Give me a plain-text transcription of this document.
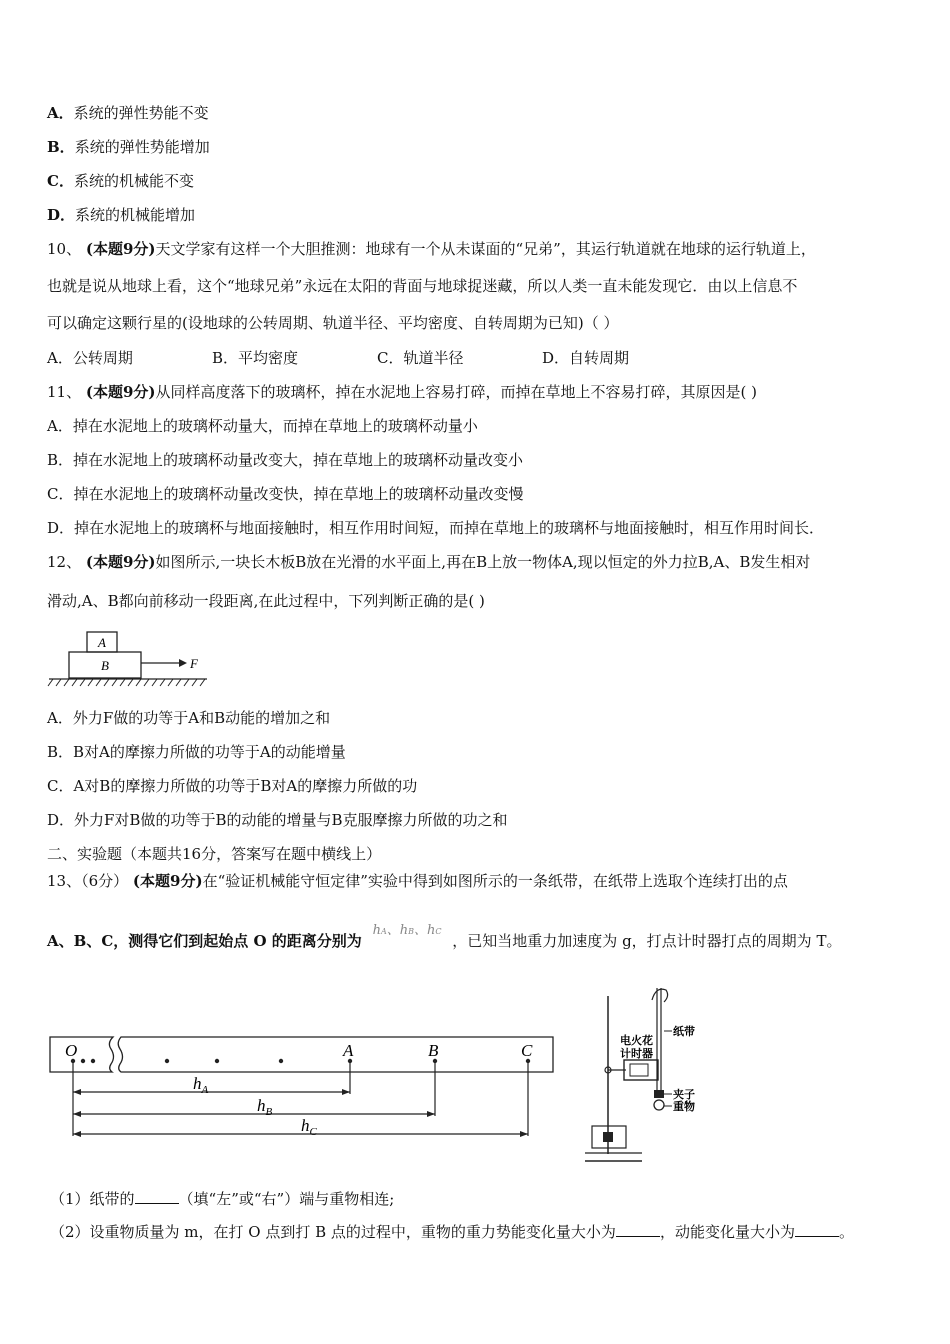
A．系统的弹性势能不变
B．系统的弹性势能增加
C．系统的机械能不变
D．系统的机械能增加
10、 (本题9分)天文学家有这样一个大胆推测：地球有一个从未谋面的“兄弟”，其运行轨道就在地球的运行轨道上，
也就是说从地球上看，这个“地球兄弟”永远在太阳的背面与地球捉迷藏，所以人类一直未能发现它．由以上信息不
可以确定这颗行星的(设地球的公转周期、轨道半径、平均密度、自转周期为已知)（ ）
A．公转周期	B．平均密度	C．轨道半径	D．自转周期
11、 (本题9分)从同样高度落下的玻璃杯，掉在水泥地上容易打碎，而掉在草地上不容易打碎，其原因是( )
A．掉在水泥地上的玻璃杯动量大，而掉在草地上的玻璃杯动量小
B．掉在水泥地上的玻璃杯动量改变大，掉在草地上的玻璃杯动量改变小
C．掉在水泥地上的玻璃杯动量改变快，掉在草地上的玻璃杯动量改变慢
D．掉在水泥地上的玻璃杯与地面接触时，相互作用时间短，而掉在草地上的玻璃杯与地面接触时，相互作用时间长．
12、 (本题9分)如图所示,一块长木板B放在光滑的水平面上,再在B上放一物体A,现以恒定的外力拉B,A、B发生相对
滑动,A、B都向前移动一段距离,在此过程中，下列判断正确的是( )
A
B	F
A．外力F做的功等于A和B动能的增加之和
B．B对A的摩擦力所做的功等于A的动能增量
C．A对B的摩擦力所做的功等于B对A的摩擦力所做的功
D．外力F对B做的功等于B的动能的增量与B克服摩擦力所做的功之和
二、实验题（本题共16分，答案写在题中横线上）
13、（6分） (本题9分)在“验证机械能守恒定律”实验中得到如图所示的一条纸带，在纸带上选取个连续打出的点
A、B、C，测得它们到起始点 O 的距离分别为 hA、hB、hC ，已知当地重力加速度为 g，打点计时器打点的周期为 T。
O	A	B	C
$h_A$
$h_B$
$h_C$
电火花
计时器
纸带
夹子
重物
（1）纸带的	（填“左”或“右”）端与重物相连;
（2）设重物质量为 m，在打 O 点到打 B 点的过程中，重物的重力势能变化量大小为	，动能变化量大小为	。
